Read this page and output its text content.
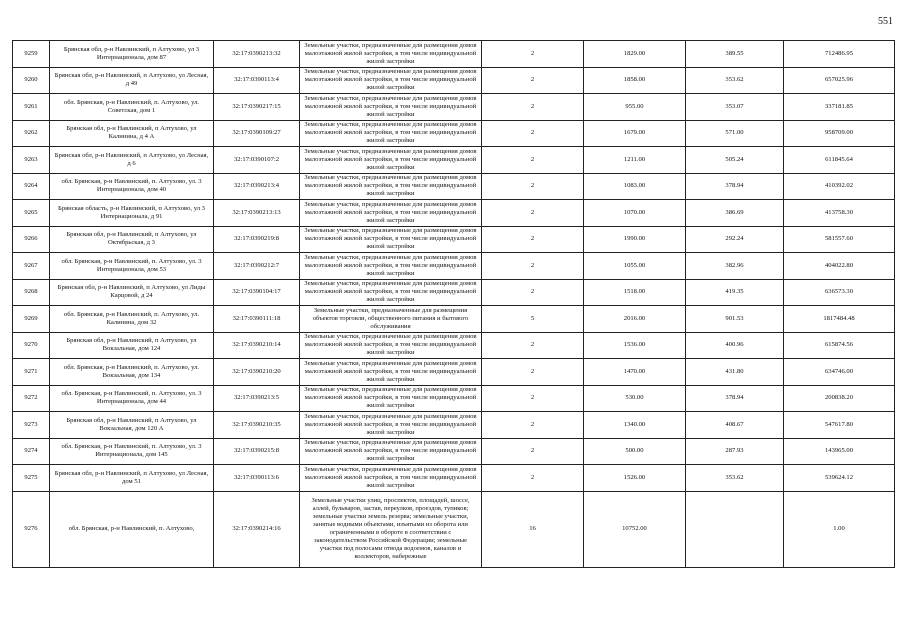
551
9259	Брянская обл, р-н Навлинский, п Алтухово, ул 3 Интернационала, дом 87	32:17:0390213:32	Земельные участки, предназначенные для размещения домов малоэтажной жилой застройки, в том числе индивидуальной жилой застройки	2	1829.00	389.55	712486.95
9260	Брянская обл, р-н Навлинский, п Алтухово, ул Лесная, д 49	32:17:0390113:4	Земельные участки, предназначенные для размещения домов малоэтажной жилой застройки, в том числе индивидуальной жилой застройки	2	1858.00	353.62	657025.96
9261	обл. Брянская, р-н Навлинский, п. Алтухово, ул. Советская, дом 1	32:17:0390217:15	Земельные участки, предназначенные для размещения домов малоэтажной жилой застройки, в том числе индивидуальной жилой застройки	2	955.00	353.07	337181.85
9262	Брянская обл, р-н Навлинский, п Алтухово, ул Калинина, д 4 А	32:17:0390109:27	Земельные участки, предназначенные для размещения домов малоэтажной жилой застройки, в том числе индивидуальной жилой застройки	2	1679.00	571.00	958709.00
9263	Брянская обл, р-н Навлинский, п Алтухово, ул Лесная, д 6	32:17:0390107:2	Земельные участки, предназначенные для размещения домов малоэтажной жилой застройки, в том числе индивидуальной жилой застройки	2	1211.00	505.24	611845.64
9264	обл. Брянская, р-н Навлинский, п. Алтухово, ул. 3 Интернационала, дом 40	32:17:0390213:4	Земельные участки, предназначенные для размещения домов малоэтажной жилой застройки, в том числе индивидуальной жилой застройки	2	1083.00	378.94	410392.02
9265	Брянская область, р-н Навлинский, п Алтухово, ул 3 Интернационала, д 91	32:17:0390213:13	Земельные участки, предназначенные для размещения домов малоэтажной жилой застройки, в том числе индивидуальной жилой застройки	2	1070.00	386.69	413758.30
9266	Брянская обл, р-н Навлинский, п Алтухово, ул Октябрьская, д 3	32:17:0390219:8	Земельные участки, предназначенные для размещения домов малоэтажной жилой застройки, в том числе индивидуальной жилой застройки	2	1990.00	292.24	581557.60
9267	обл. Брянская, р-н Навлинский, п. Алтухово, ул. 3 Интернационала, дом 53	32:17:0390212:7	Земельные участки, предназначенные для размещения домов малоэтажной жилой застройки, в том числе индивидуальной жилой застройки	2	1055.00	382.96	404022.80
9268	Брянская обл, р-н Навлинский, п Алтухово, ул Лиды Карцовой, д 24	32:17:0390104:17	Земельные участки, предназначенные для размещения домов малоэтажной жилой застройки, в том числе индивидуальной жилой застройки	2	1518.00	419.35	636573.30
9269	обл. Брянская, р-н Навлинский, п. Алтухово, ул. Калинина, дом 32	32:17:0390111:18	Земельные участки, предназначенные для размещения объектов торговли, общественного питания и бытового обслуживания	5	2016.00	901.53	1817484.48
9270	Брянская обл, р-н Навлинский, п Алтухово, ул Вокзальная, дом 124	32:17:0390210:14	Земельные участки, предназначенные для размещения домов малоэтажной жилой застройки, в том числе индивидуальной жилой застройки	2	1536.00	400.96	615874.56
9271	обл. Брянская, р-н Навлинский, п. Алтухово, ул. Вокзальная, дом 134	32:17:0390210:20	Земельные участки, предназначенные для размещения домов малоэтажной жилой застройки, в том числе индивидуальной жилой застройки	2	1470.00	431.80	634746.00
9272	обл. Брянская, р-н Навлинский, п. Алтухово, ул. 3 Интернационала, дом 44	32:17:0390213:5	Земельные участки, предназначенные для размещения домов малоэтажной жилой застройки, в том числе индивидуальной жилой застройки	2	530.00	378.94	200838.20
9273	Брянская обл, р-н Навлинский, п Алтухово, ул Вокзальная, дом 120 А	32:17:0390210:35	Земельные участки, предназначенные для размещения домов малоэтажной жилой застройки, в том числе индивидуальной жилой застройки	2	1340.00	408.67	547617.80
9274	обл. Брянская, р-н Навлинский, п. Алтухово, ул. 3 Интернационала, дом 145	32:17:0390215:8	Земельные участки, предназначенные для размещения домов малоэтажной жилой застройки, в том числе индивидуальной жилой застройки	2	500.00	287.93	143965.00
9275	Брянская обл, р-н Навлинский, п Алтухово, ул Лесная, дом 51	32:17:0390113:6	Земельные участки, предназначенные для размещения домов малоэтажной жилой застройки, в том числе индивидуальной жилой застройки	2	1526.00	353.62	539624.12
9276	обл. Брянская, р-н Навлинский, п. Алтухово,	32:17:0390214:16	Земельные участки улиц, проспектов, площадей, шоссе, аллей, бульваров, застав, переулков, проездов, тупиков; земельные участки земель резерва; земельные участки, занятые водными объектами, изъятыми из оборота или ограниченными в обороте в соответствии с законодательством Российской Федерации; земельные участки под полосами отвода водоемов, каналов и коллекторов, набережные	16	10752.00		1.00
